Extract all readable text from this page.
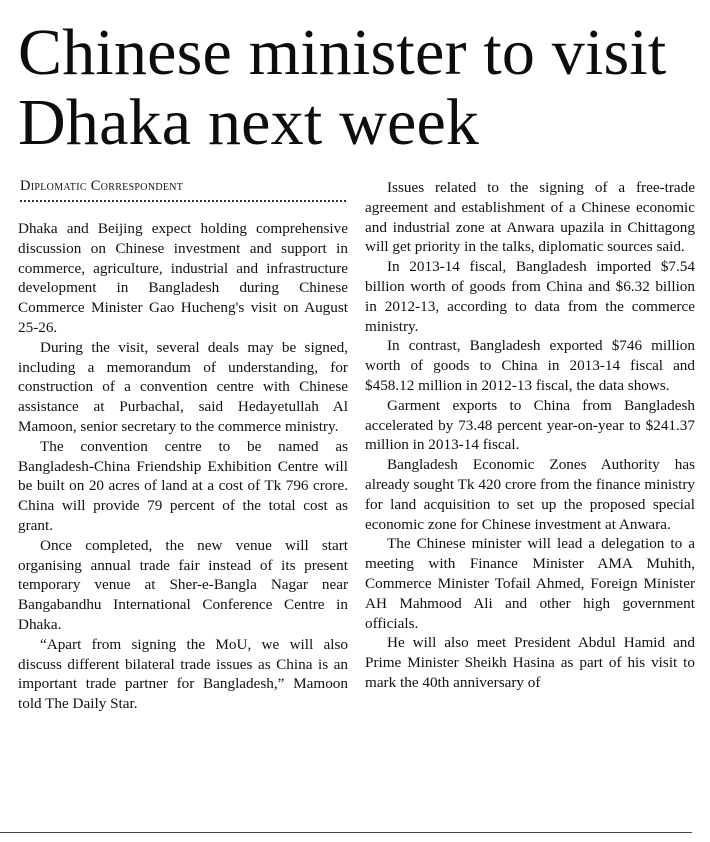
Chinese minister to visit Dhaka next week
Diplomatic Correspondent

Dhaka and Beijing expect holding comprehensive discussion on Chinese investment and support in commerce, agriculture, industrial and infrastructure development in Bangladesh during Chinese Commerce Minister Gao Hucheng's visit on August 25-26.

During the visit, several deals may be signed, including a memorandum of understanding, for construction of a convention centre with Chinese assistance at Purbachal, said Hedayetullah Al Mamoon, senior secretary to the commerce ministry.

The convention centre to be named as Bangladesh-China Friendship Exhibition Centre will be built on 20 acres of land at a cost of Tk 796 crore. China will provide 79 percent of the total cost as grant.

Once completed, the new venue will start organising annual trade fair instead of its present temporary venue at Sher-e-Bangla Nagar near Bangabandhu International Conference Centre in Dhaka.

“Apart from signing the MoU, we will also discuss different bilateral trade issues as China is an important trade partner for Bangladesh,” Mamoon told The Daily Star.

Issues related to the signing of a free-trade agreement and establishment of a Chinese economic and industrial zone at Anwara upazila in Chittagong will get priority in the talks, diplomatic sources said.

In 2013-14 fiscal, Bangladesh imported $7.54 billion worth of goods from China and $6.32 billion in 2012-13, according to data from the commerce ministry.

In contrast, Bangladesh exported $746 million worth of goods to China in 2013-14 fiscal and $458.12 million in 2012-13 fiscal, the data shows.

Garment exports to China from Bangladesh accelerated by 73.48 percent year-on-year to $241.37 million in 2013-14 fiscal.

Bangladesh Economic Zones Authority has already sought Tk 420 crore from the finance ministry for land acquisition to set up the proposed special economic zone for Chinese investment at Anwara.

The Chinese minister will lead a delegation to a meeting with Finance Minister AMA Muhith, Commerce Minister Tofail Ahmed, Foreign Minister AH Mahmood Ali and other high government officials.

He will also meet President Abdul Hamid and Prime Minister Sheikh Hasina as part of his visit to mark the 40th anniversary of
